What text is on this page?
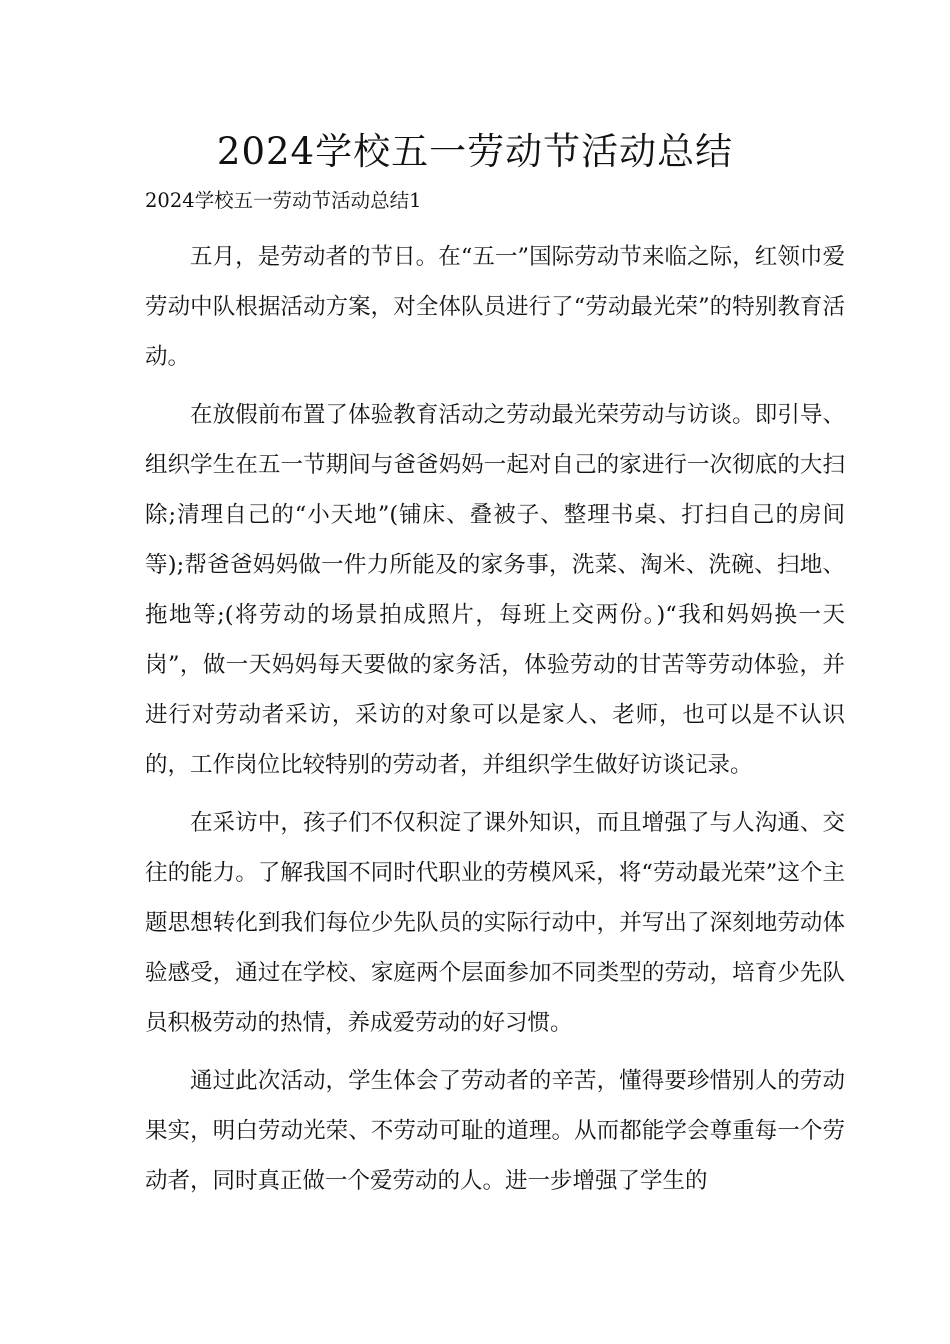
2024学校五一劳动节活动总结

2024学校五一劳动节活动总结1

五月，是劳动者的节日。在“五一”国际劳动节来临之际，红领巾爱劳动中队根据活动方案，对全体队员进行了“劳动最光荣”的特别教育活动。

在放假前布置了体验教育活动之劳动最光荣劳动与访谈。即引导、组织学生在五一节期间与爸爸妈妈一起对自己的家进行一次彻底的大扫除;清理自己的“小天地”(铺床、叠被子、整理书桌、打扫自己的房间等);帮爸爸妈妈做一件力所能及的家务事，洗菜、淘米、洗碗、扫地、拖地等;(将劳动的场景拍成照片，每班上交两份。)“我和妈妈换一天岗”，做一天妈妈每天要做的家务活，体验劳动的甘苦等劳动体验，并进行对劳动者采访，采访的对象可以是家人、老师，也可以是不认识的，工作岗位比较特别的劳动者，并组织学生做好访谈记录。

在采访中，孩子们不仅积淀了课外知识，而且增强了与人沟通、交往的能力。了解我国不同时代职业的劳模风采，将“劳动最光荣”这个主题思想转化到我们每位少先队员的实际行动中，并写出了深刻地劳动体验感受，通过在学校、家庭两个层面参加不同类型的劳动，培育少先队员积极劳动的热情，养成爱劳动的好习惯。

通过此次活动，学生体会了劳动者的辛苦，懂得要珍惜别人的劳动果实，明白劳动光荣、不劳动可耻的道理。从而都能学会尊重每一个劳动者，同时真正做一个爱劳动的人。进一步增强了学生的
